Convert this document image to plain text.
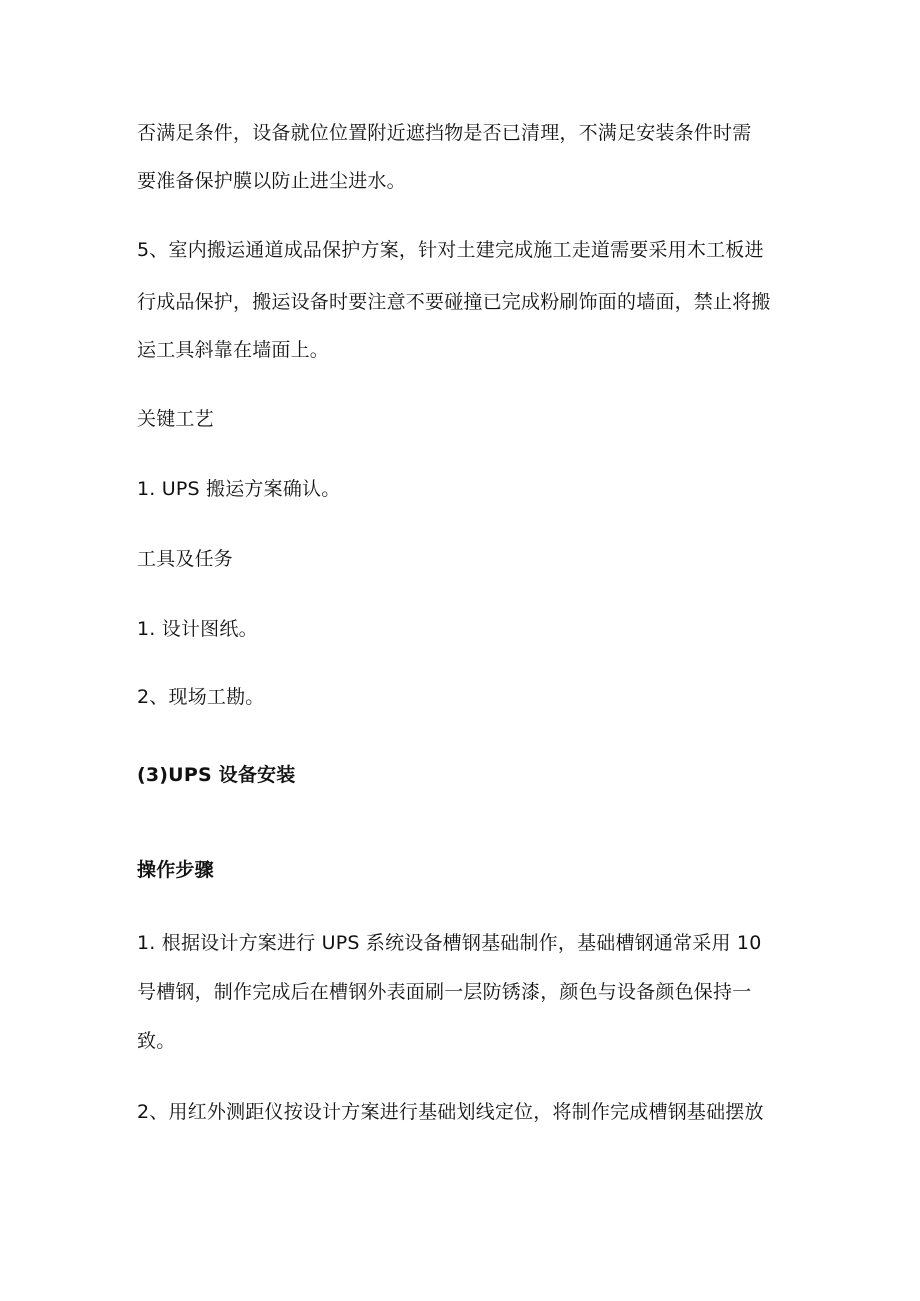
否满足条件，设备就位位置附近遮挡物是否已清理，不满足安装条件时需
要准备保护膜以防止进尘进水。
5、室内搬运通道成品保护方案，针对土建完成施工走道需要采用木工板进
行成品保护，搬运设备时要注意不要碰撞已完成粉刷饰面的墙面，禁止将搬
运工具斜靠在墙面上。
关键工艺
1. UPS 搬运方案确认。
工具及任务
1. 设计图纸。
2、现场工勘。
(3)UPS 设备安装
操作步骤
1. 根据设计方案进行 UPS 系统设备槽钢基础制作，基础槽钢通常采用 10
号槽钢，制作完成后在槽钢外表面刷一层防锈漆，颜色与设备颜色保持一
致。
2、用红外测距仪按设计方案进行基础划线定位，将制作完成槽钢基础摆放
